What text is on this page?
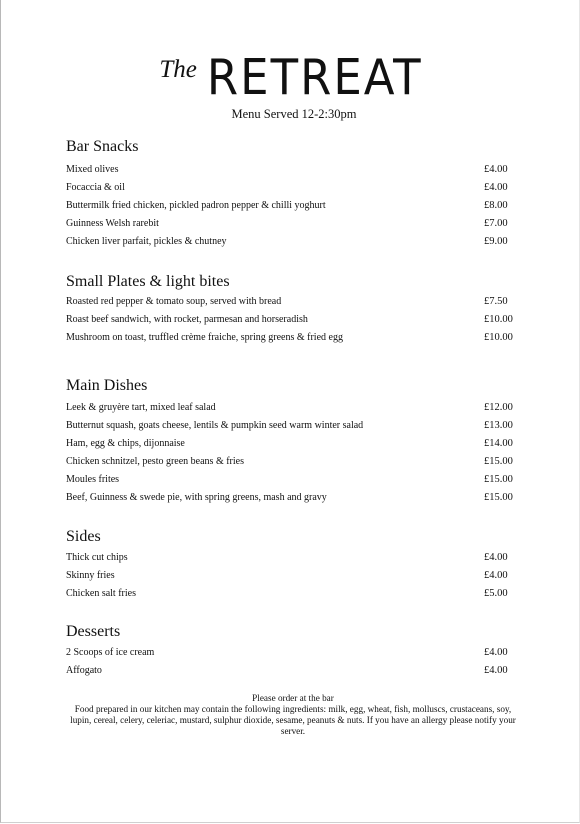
The RETREAT
Menu Served 12-2:30pm
Bar Snacks
Mixed olives	£4.00
Focaccia & oil	£4.00
Buttermilk fried chicken, pickled padron pepper & chilli yoghurt	£8.00
Guinness Welsh rarebit	£7.00
Chicken liver parfait, pickles & chutney	£9.00
Small Plates & light bites
Roasted red pepper & tomato soup, served with bread	£7.50
Roast beef sandwich, with rocket, parmesan and horseradish	£10.00
Mushroom on toast, truffled crème fraiche, spring greens & fried egg	£10.00
Main Dishes
Leek & gruyère tart, mixed leaf salad	£12.00
Butternut squash, goats cheese, lentils & pumpkin seed warm winter salad	£13.00
Ham, egg & chips, dijonnaise	£14.00
Chicken schnitzel, pesto green beans & fries	£15.00
Moules frites	£15.00
Beef, Guinness & swede pie, with spring greens, mash and gravy	£15.00
Sides
Thick cut chips	£4.00
Skinny fries	£4.00
Chicken salt fries	£5.00
Desserts
2 Scoops of ice cream	£4.00
Affogato	£4.00
Please order at the bar
Food prepared in our kitchen may contain the following ingredients: milk, egg, wheat, fish, molluscs, crustaceans, soy, lupin, cereal, celery, celeriac, mustard, sulphur dioxide, sesame, peanuts & nuts. If you have an allergy please notify your server.
